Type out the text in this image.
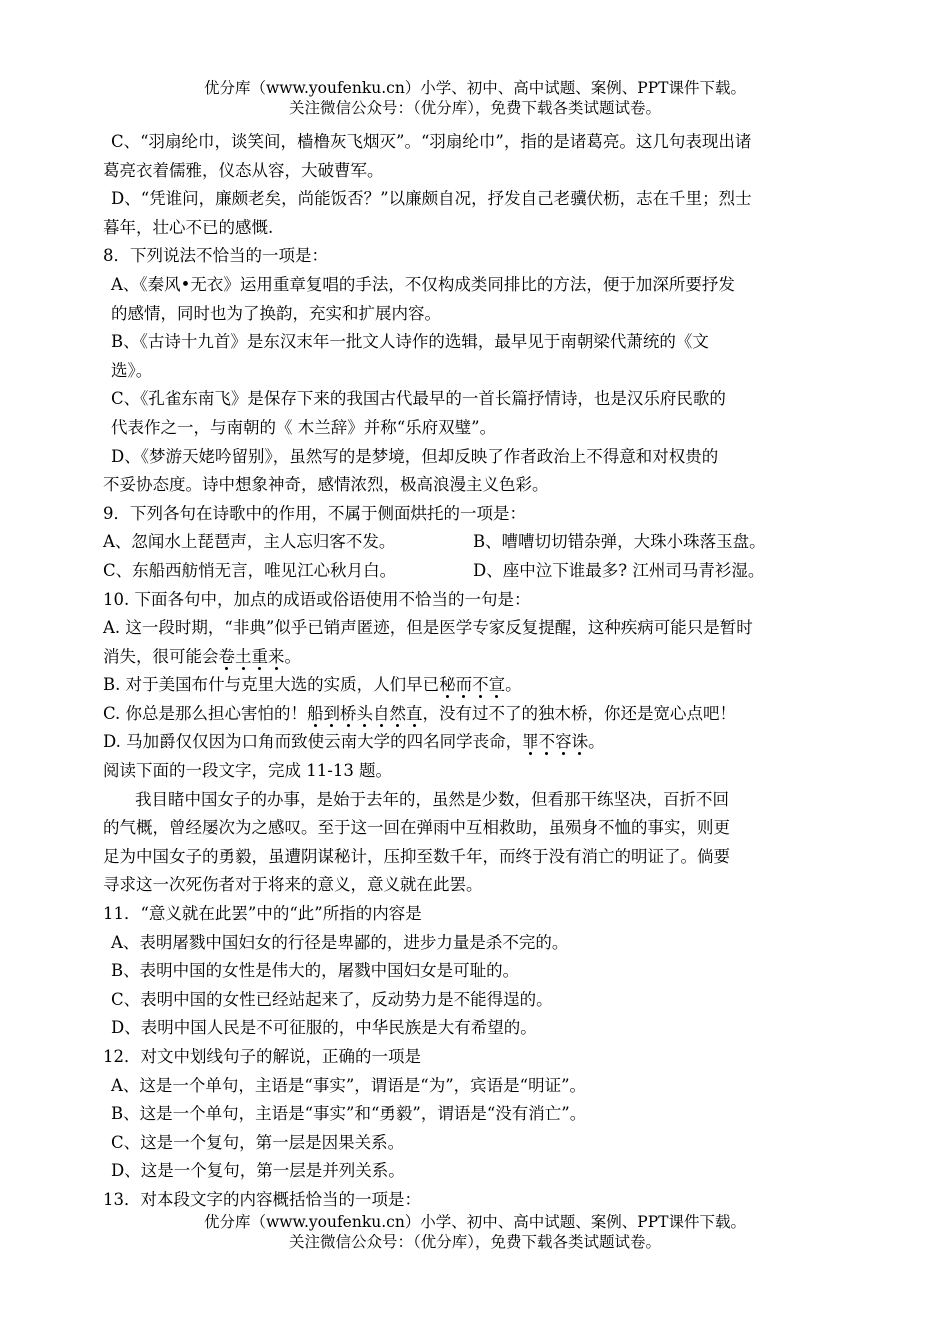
优分库（www.youfenku.cn）小学、初中、高中试题、案例、PPT课件下载。
关注微信公众号：（优分库），免费下载各类试题试卷。
C、“羽扇纶巾，谈笑间，樯橹灰飞烟灭”。“羽扇纶巾”，指的是诸葛亮。这几句表现出诸
葛亮衣着儒雅，仪态从容，大破曹军。
D、“凭谁问，廉颇老矣，尚能饭否？”以廉颇自况，抒发自己老骥伏枥，志在千里；烈士
暮年，壮心不已的感慨.
8．下列说法不恰当的一项是：
A、《秦风•无衣》运用重章复唱的手法，不仅构成类同排比的方法，便于加深所要抒发
的感情，同时也为了换韵，充实和扩展内容。
B、《古诗十九首》是东汉末年一批文人诗作的选辑，最早见于南朝梁代萧统的《文
选》。
C、《孔雀东南飞》是保存下来的我国古代最早的一首长篇抒情诗，也是汉乐府民歌的
代表作之一，与南朝的《 木兰辞》并称“乐府双璧”。
D、《梦游天姥吟留别》，虽然写的是梦境，但却反映了作者政治上不得意和对权贵的
不妥协态度。诗中想象神奇，感情浓烈，极高浪漫主义色彩。
9．下列各句在诗歌中的作用，不属于侧面烘托的一项是：
A、忽闻水上琵琶声，主人忘归客不发。	B、嘈嘈切切错杂弹，大珠小珠落玉盘。
C、东船西舫悄无言，唯见江心秋月白。	D、座中泣下谁最多? 江州司马青衫湿。
10. 下面各句中，加点的成语或俗语使用不恰当的一句是：
A. 这一段时期，“非典”似乎已销声匿迹，但是医学专家反复提醒，这种疾病可能只是暂时
消失，很可能会卷土重来。
B. 对于美国布什与克里大选的实质，人们早已秘而不宣。
C. 你总是那么担心害怕的！船到桥头自然直，没有过不了的独木桥，你还是宽心点吧！
D. 马加爵仅仅因为口角而致使云南大学的四名同学丧命，罪不容诛。
阅读下面的一段文字，完成 11-13 题。
我目睹中国女子的办事，是始于去年的，虽然是少数，但看那干练坚决，百折不回
的气概，曾经屡次为之感叹。至于这一回在弹雨中互相救助，虽殒身不恤的事实，则更
足为中国女子的勇毅，虽遭阴谋秘计，压抑至数千年，而终于没有消亡的明证了。倘要
寻求这一次死伤者对于将来的意义，意义就在此罢。
11．“意义就在此罢”中的“此”所指的内容是
A、表明屠戮中国妇女的行径是卑鄙的，进步力量是杀不完的。
B、表明中国的女性是伟大的，屠戮中国妇女是可耻的。
C、表明中国的女性已经站起来了，反动势力是不能得逞的。
D、表明中国人民是不可征服的，中华民族是大有希望的。
12．对文中划线句子的解说，正确的一项是
A、这是一个单句，主语是“事实”，谓语是“为”，宾语是“明证”。
B、这是一个单句，主语是“事实”和“勇毅”，谓语是“没有消亡”。
C、这是一个复句，第一层是因果关系。
D、这是一个复句，第一层是并列关系。
13．对本段文字的内容概括恰当的一项是：
优分库（www.youfenku.cn）小学、初中、高中试题、案例、PPT课件下载。
关注微信公众号：（优分库），免费下载各类试题试卷。
